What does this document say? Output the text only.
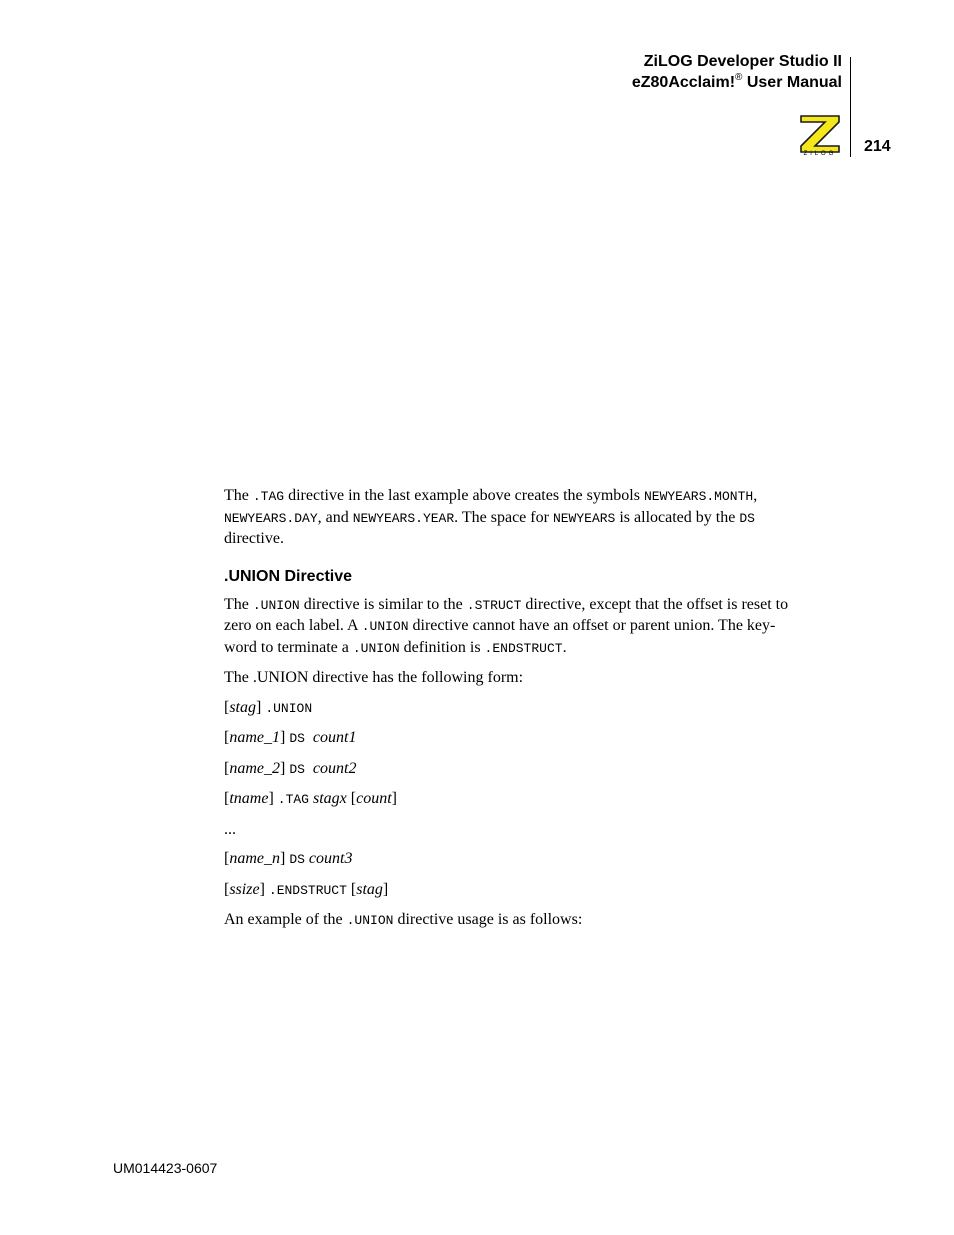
ZiLOG Developer Studio II
eZ80Acclaim!® User Manual
214
ZiLOG

The .TAG directive in the last example above creates the symbols NEWYEARS.MONTH,
NEWYEARS.DAY, and NEWYEARS.YEAR. The space for NEWYEARS is allocated by the DS
directive.

.UNION Directive

The .UNION directive is similar to the .STRUCT directive, except that the offset is reset to
zero on each label. A .UNION directive cannot have an offset or parent union. The key-
word to terminate a .UNION definition is .ENDSTRUCT.

The .UNION directive has the following form:

[stag] .UNION

[name_1] DS count1

[name_2] DS count2

[tname] .TAG stagx [count]

...

[name_n] DS count3

[ssize] .ENDSTRUCT [stag]

An example of the .UNION directive usage is as follows:

UM014423-0607
